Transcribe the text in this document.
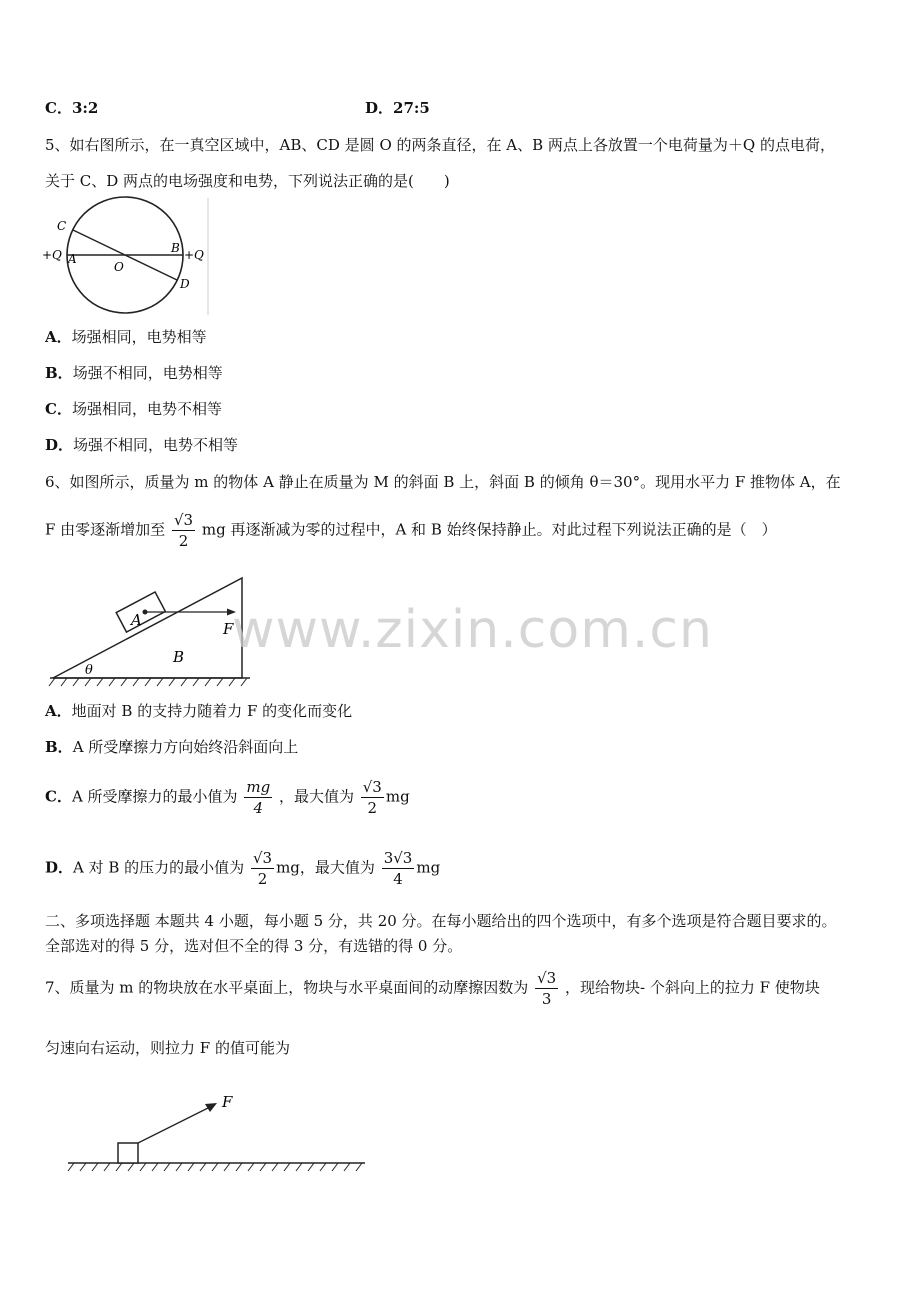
C．3:2	D．27:5
5、如右图所示，在一真空区域中，AB、CD 是圆 O 的两条直径，在 A、B 两点上各放置一个电荷量为＋Q 的点电荷，
关于 C、D 两点的电场强度和电势，下列说法正确的是(　　)
C
+Q A
O
B +Q
D
A．场强相同，电势相等
B．场强不相同，电势相等
C．场强相同，电势不相等
D．场强不相同，电势不相等
6、如图所示，质量为 m 的物体 A 静止在质量为 M 的斜面 B 上，斜面 B 的倾角 θ＝30°。现用水平力 F 推物体 A，在
F 由零逐渐增加至 $\frac{√3}{2}$ mg 再逐渐减为零的过程中，A 和 B 始终保持静止。对此过程下列说法正确的是（　）
A	F
B
θ
A．地面对 B 的支持力随着力 F 的变化而变化
B．A 所受摩擦力方向始终沿斜面向上
C．A 所受摩擦力的最小值为 $\frac{mg}{4}$ ，最大值为 $\frac{√3}{2}$ mg
D．A 对 B 的压力的最小值为 $\frac{√3}{2}$ mg，最大值为 $\frac{3√3}{4}$ mg
二、多项选择题 本题共 4 小题，每小题 5 分，共 20 分。在每小题给出的四个选项中，有多个选项是符合题目要求的。
全部选对的得 5 分，选对但不全的得 3 分，有选错的得 0 分。
7、质量为 m 的物块放在水平桌面上，物块与水平桌面间的动摩擦因数为 $\frac{√3}{3}$ ，现给物块- 个斜向上的拉力 F 使物块
匀速向右运动，则拉力 F 的值可能为
F
www.zixin.com.cn
